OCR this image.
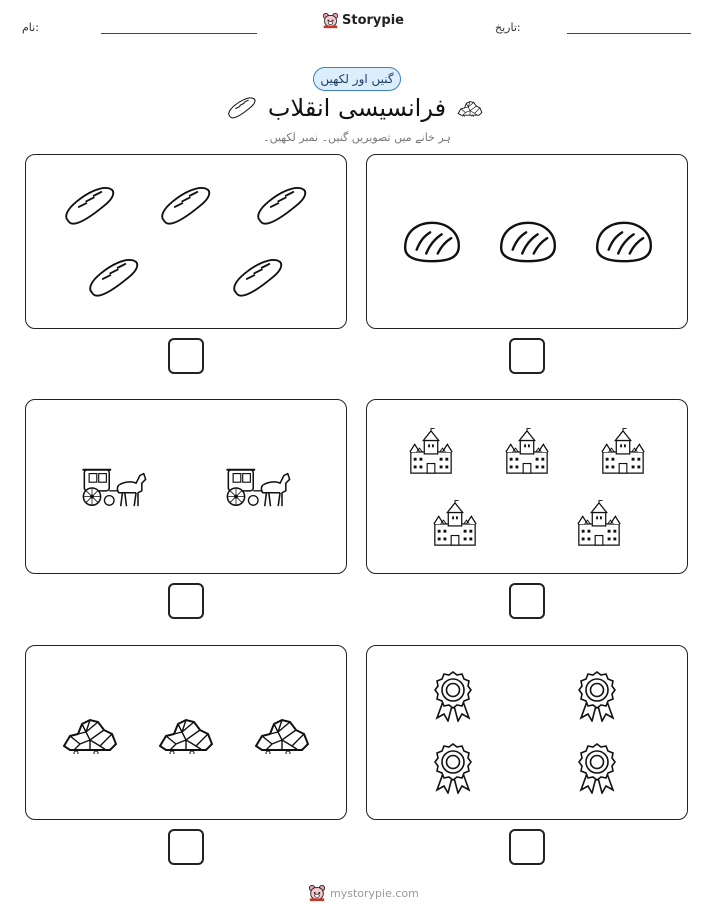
نام:	Storypie	تاریخ:
گنیں اور لکھیں
فرانسیسی انقلاب
ہر خانے میں تصویریں گنیں۔ نمبر لکھیں۔
mystorypie.com
